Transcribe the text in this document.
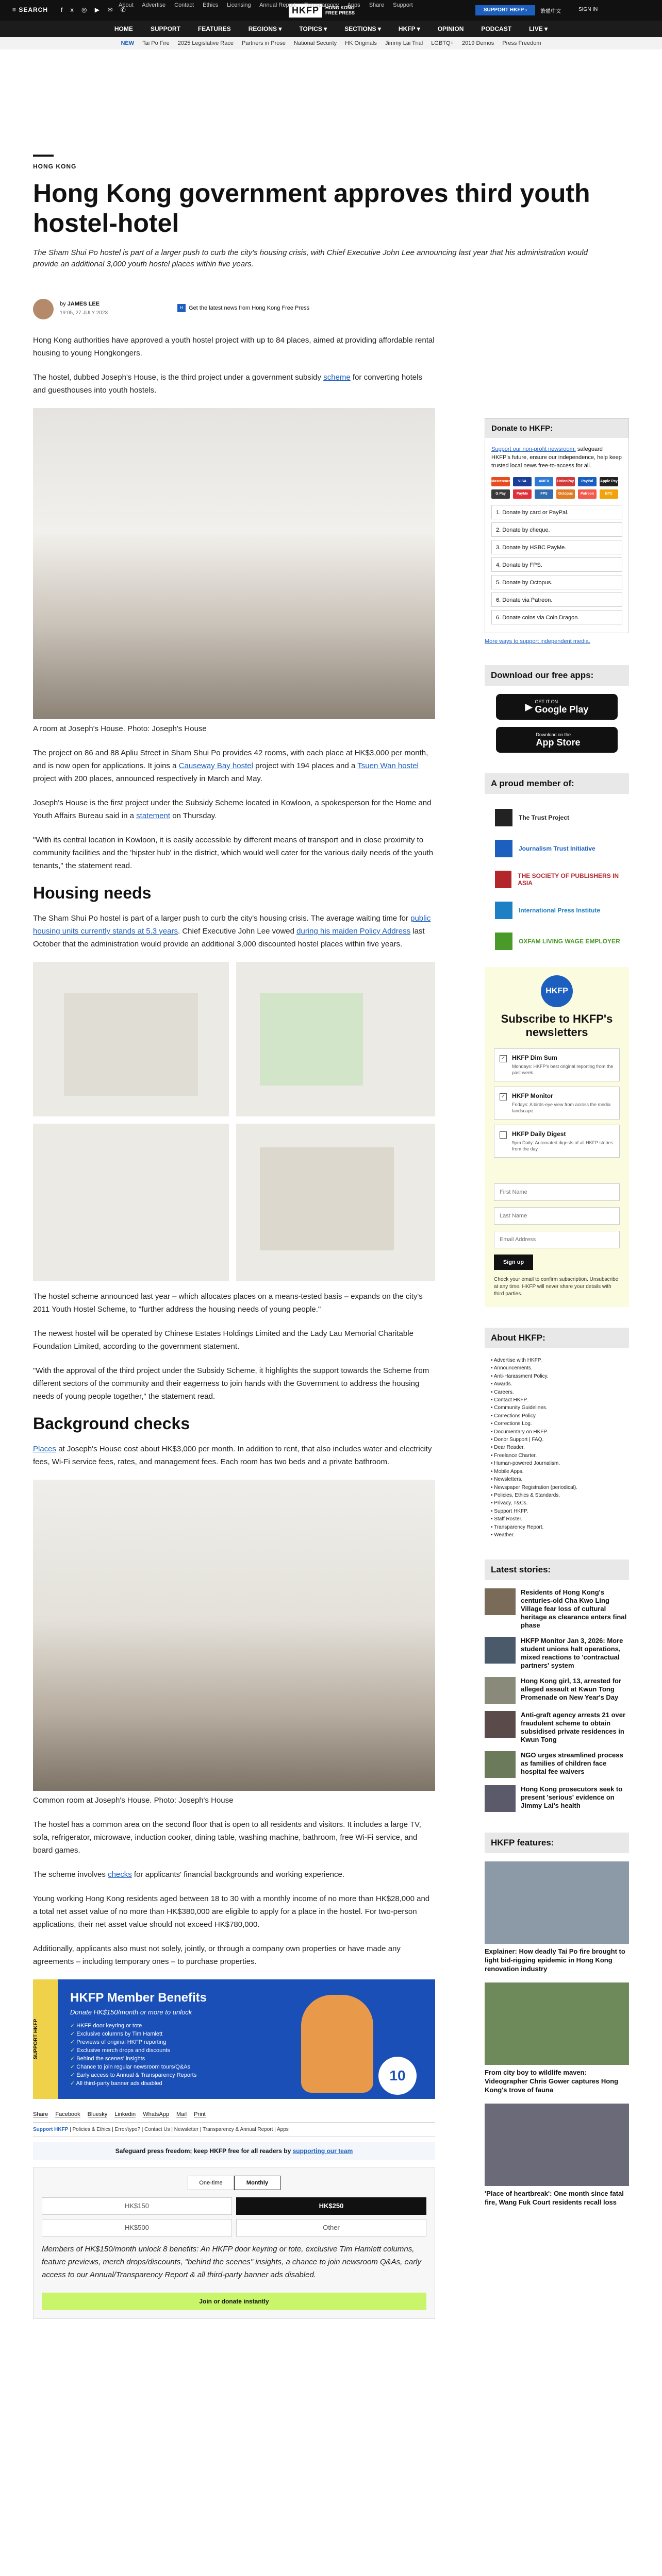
≡ SEARCH f x ◎ ▶ ✉ ✆	HKFP	HONG KONG
FREE PRESS	SUPPORT HKFP ›	繁體中文	SIGN IN
About Advertise Contact Ethics Licensing Annual Report Transparency Apps Share Support
HOME	SUPPORT	FEATURES	REGIONS ▾	TOPICS ▾	SECTIONS ▾	HKFP ▾	OPINION	PODCAST	LIVE ▾
NEW Tai Po Fire 2025 Legislative Race Partners in Prose National Security HK Originals Jimmy Lai Trial LGBTQ+ 2019 Demos Press Freedom
HONG KONG
Hong Kong government approves third youth hostel-hotel

The Sham Shui Po hostel is part of a larger push to curb the city's housing crisis, with Chief Executive John Lee announcing last year that his administration would provide an additional 3,000 youth hostel places within five years.

by JAMES LEE
19:05, 27 JULY 2023
H Get the latest news from Hong Kong Free Press

Hong Kong authorities have approved a youth hostel project with up to 84 places, aimed at providing affordable rental housing to young Hongkongers.

The hostel, dubbed Joseph's House, is the third project under a government subsidy scheme for converting hotels and guesthouses into youth hostels.

A room at Joseph's House. Photo: Joseph's House

The project on 86 and 88 Apliu Street in Sham Shui Po provides 42 rooms, with each place at HK$3,000 per month, and is now open for applications. It joins a Causeway Bay hostel project with 194 places and a Tsuen Wan hostel project with 200 places, announced respectively in March and May.

Joseph's House is the first project under the Subsidy Scheme located in Kowloon, a spokesperson for the Home and Youth Affairs Bureau said in a statement on Thursday.

"With its central location in Kowloon, it is easily accessible by different means of transport and in close proximity to community facilities and the 'hipster hub' in the district, which would well cater for the various daily needs of the youth tenants," the statement read.

Housing needs

The Sham Shui Po hostel is part of a larger push to curb the city's housing crisis. The average waiting time for public housing units currently stands at 5.3 years. Chief Executive John Lee vowed during his maiden Policy Address last October that the administration would provide an additional 3,000 discounted hostel places within five years.

The hostel scheme announced last year – which allocates places on a means-tested basis – expands on the city's 2011 Youth Hostel Scheme, to "further address the housing needs of young people."

The newest hostel will be operated by Chinese Estates Holdings Limited and the Lady Lau Memorial Charitable Foundation Limited, according to the government statement.

"With the approval of the third project under the Subsidy Scheme, it highlights the support towards the Scheme from different sectors of the community and their eagerness to join hands with the Government to address the housing needs of young people together," the statement read.

Background checks

Places at Joseph's House cost about HK$3,000 per month. In addition to rent, that also includes water and electricity fees, Wi-Fi service fees, rates, and management fees. Each room has two beds and a private bathroom.

Common room at Joseph's House. Photo: Joseph's House

The hostel has a common area on the second floor that is open to all residents and visitors. It includes a large TV, sofa, refrigerator, microwave, induction cooker, dining table, washing machine, bathroom, free Wi-Fi service, and board games.

The scheme involves checks for applicants' financial backgrounds and working experience.

Young working Hong Kong residents aged between 18 to 30 with a monthly income of no more than HK$28,000 and a total net asset value of no more than HK$380,000 are eligible to apply for a place in the hostel. For two-person applications, their net asset value should not exceed HK$780,000.

Additionally, applicants also must not solely, jointly, or through a company own properties or have made any agreements – including temporary ones – to purchase properties.

SUPPORT HKFP
HKFP Member Benefits
Donate HK$150/month or more to unlock
✓ HKFP door keyring or tote
✓ Exclusive columns by Tim Hamlett
✓ Previews of original HKFP reporting
✓ Exclusive merch drops and discounts
✓ Behind the scenes' insights
✓ Chance to join regular newsroom tours/Q&As
✓ Early access to Annual & Transparency Reports
✓ All third-party banner ads disabled	10
Share Facebook Bluesky Linkedin WhatsApp Mail Print
Support HKFP | Policies & Ethics | Error/typo? | Contact Us | Newsletter | Transparency & Annual Report | Apps
Safeguard press freedom; keep HKFP free for all readers by supporting our team
One-time	Monthly
HK$150	HK$250
HK$500	Other

Members of HK$150/month unlock 8 benefits: An HKFP door keyring or tote, exclusive Tim Hamlett columns, feature previews, merch drops/discounts, "behind the scenes" insights, a chance to join newsroom Q&As, early access to our Annual/Transparency Report & all third-party banner ads disabled.

Join or donate instantly
Donate to HKFP:

Support our non-profit newsroom: safeguard HKFP's future, ensure our independence, help keep trusted local news free-to-access for all.

Mastercard	VISA	AMEX	UnionPay	PayPal	Apple Pay
G Pay	PayMe	FPS	Octopus	Patreon	BTC
1. Donate by card or PayPal.
2. Donate by cheque.
3. Donate by HSBC PayMe.
4. Donate by FPS.
5. Donate by Octopus.
6. Donate via Patreon.
6. Donate coins via Coin Dragon.

More ways to support independent media.

Download our free apps:
▶ GET IT ON
Google Play

Download on the
App Store
A proud member of:
The Trust Project
Journalism Trust Initiative
THE SOCIETY OF PUBLISHERS IN ASIA
International Press Institute
OXFAM LIVING WAGE EMPLOYER
HKFP
Subscribe to HKFP's newsletters
✓ HKFP Dim Sum
Mondays: HKFP's best original reporting from the past week.
✓ HKFP Monitor
Fridays: A birds-eye view from across the media landscape.
HKFP Daily Digest
9pm Daily: Automated digests of all HKFP stories from the day.
First Name Last Name Email Address Sign up

Check your email to confirm subscription. Unsubscribe at any time. HKFP will never share your details with third parties.

About HKFP:
• Advertise with HKFP.
• Announcements.
• Anti-Harassment Policy.
• Awards.
• Careers.
• Contact HKFP.
• Community Guidelines.
• Corrections Policy.
• Corrections Log.
• Documentary on HKFP.
• Donor Support | FAQ.
• Dear Reader.
• Freelance Charter.
• Human-powered Journalism.
• Mobile Apps.
• Newsletters.
• Newspaper Registration (periodical).
• Policies, Ethics & Standards.
• Privacy, T&Cs.
• Support HKFP.
• Staff Roster.
• Transparency Report.
• Weather.
Latest stories:
Residents of Hong Kong's centuries-old Cha Kwo Ling Village fear loss of cultural heritage as clearance enters final phase
HKFP Monitor Jan 3, 2026: More student unions halt operations, mixed reactions to 'contractual partners' system
Hong Kong girl, 13, arrested for alleged assault at Kwun Tong Promenade on New Year's Day
Anti-graft agency arrests 21 over fraudulent scheme to obtain subsidised private residences in Kwun Tong
NGO urges streamlined process as families of children face hospital fee waivers
Hong Kong prosecutors seek to present 'serious' evidence on Jimmy Lai's health
HKFP features:
Explainer: How deadly Tai Po fire brought to light bid-rigging epidemic in Hong Kong renovation industry
From city boy to wildlife maven: Videographer Chris Gower captures Hong Kong's trove of fauna
'Place of heartbreak': One month since fatal fire, Wang Fuk Court residents recall loss
